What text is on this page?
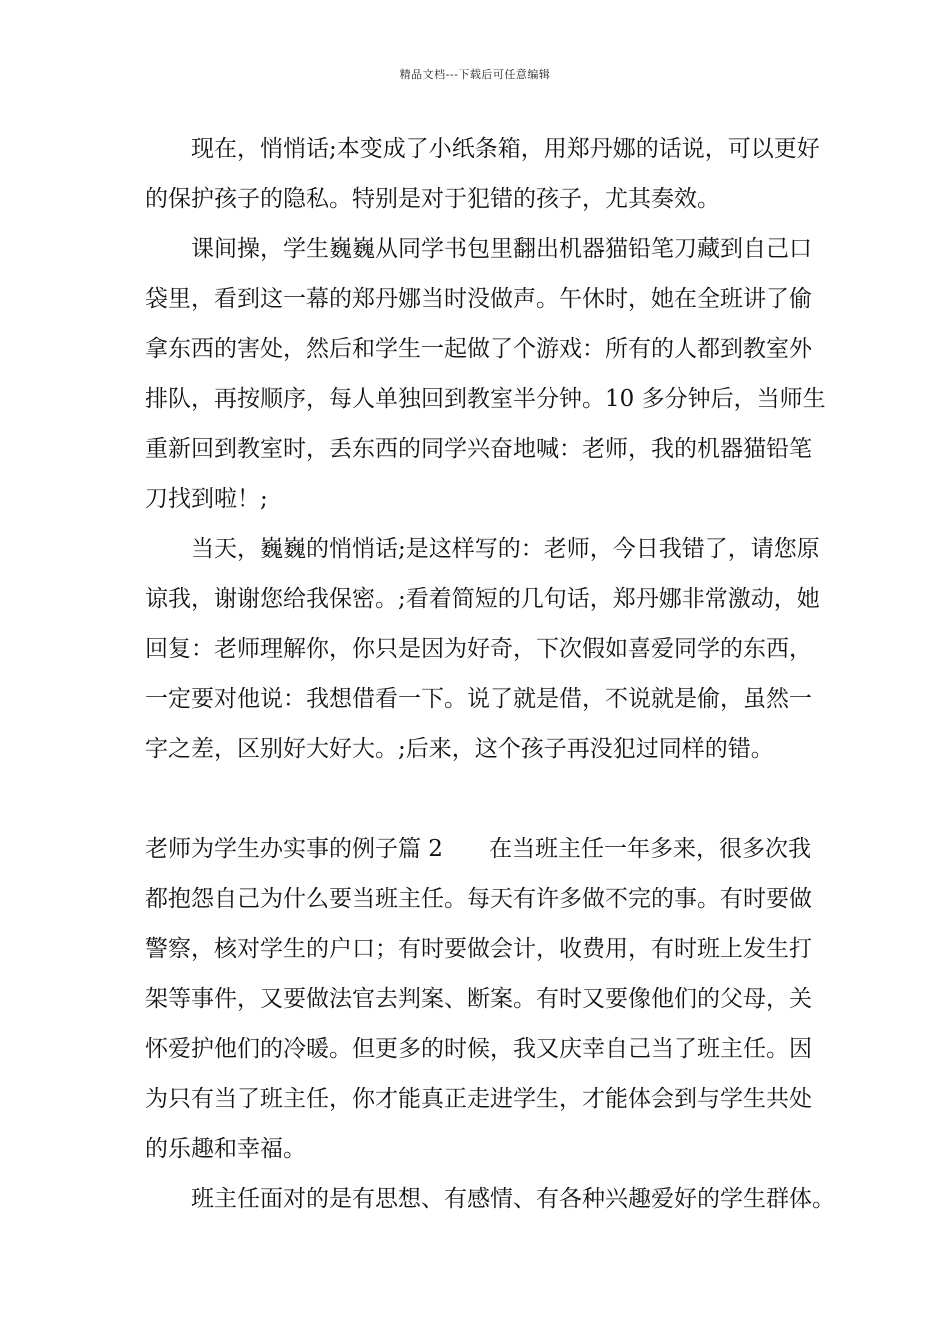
精品文档---下载后可任意编辑
现在，悄悄话;本变成了小纸条箱，用郑丹娜的话说，可以更好
的保护孩子的隐私。特别是对于犯错的孩子，尤其奏效。
课间操，学生巍巍从同学书包里翻出机器猫铅笔刀藏到自己口
袋里，看到这一幕的郑丹娜当时没做声。午休时，她在全班讲了偷
拿东西的害处，然后和学生一起做了个游戏：所有的人都到教室外
排队，再按顺序，每人单独回到教室半分钟。10 多分钟后，当师生
重新回到教室时，丢东西的同学兴奋地喊：老师，我的机器猫铅笔
刀找到啦！;
当天，巍巍的悄悄话;是这样写的：老师，今日我错了，请您原
谅我，谢谢您给我保密。;看着简短的几句话，郑丹娜非常激动，她
回复：老师理解你，你只是因为好奇，下次假如喜爱同学的东西，
一定要对他说：我想借看一下。说了就是借，不说就是偷，虽然一
字之差，区别好大好大。;后来，这个孩子再没犯过同样的错。
老师为学生办实事的例子篇 2　　在当班主任一年多来，很多次我
都抱怨自己为什么要当班主任。每天有许多做不完的事。有时要做
警察，核对学生的户口；有时要做会计，收费用，有时班上发生打
架等事件，又要做法官去判案、断案。有时又要像他们的父母，关
怀爱护他们的冷暖。但更多的时候，我又庆幸自己当了班主任。因
为只有当了班主任，你才能真正走进学生，才能体会到与学生共处
的乐趣和幸福。
班主任面对的是有思想、有感情、有各种兴趣爱好的学生群体。
